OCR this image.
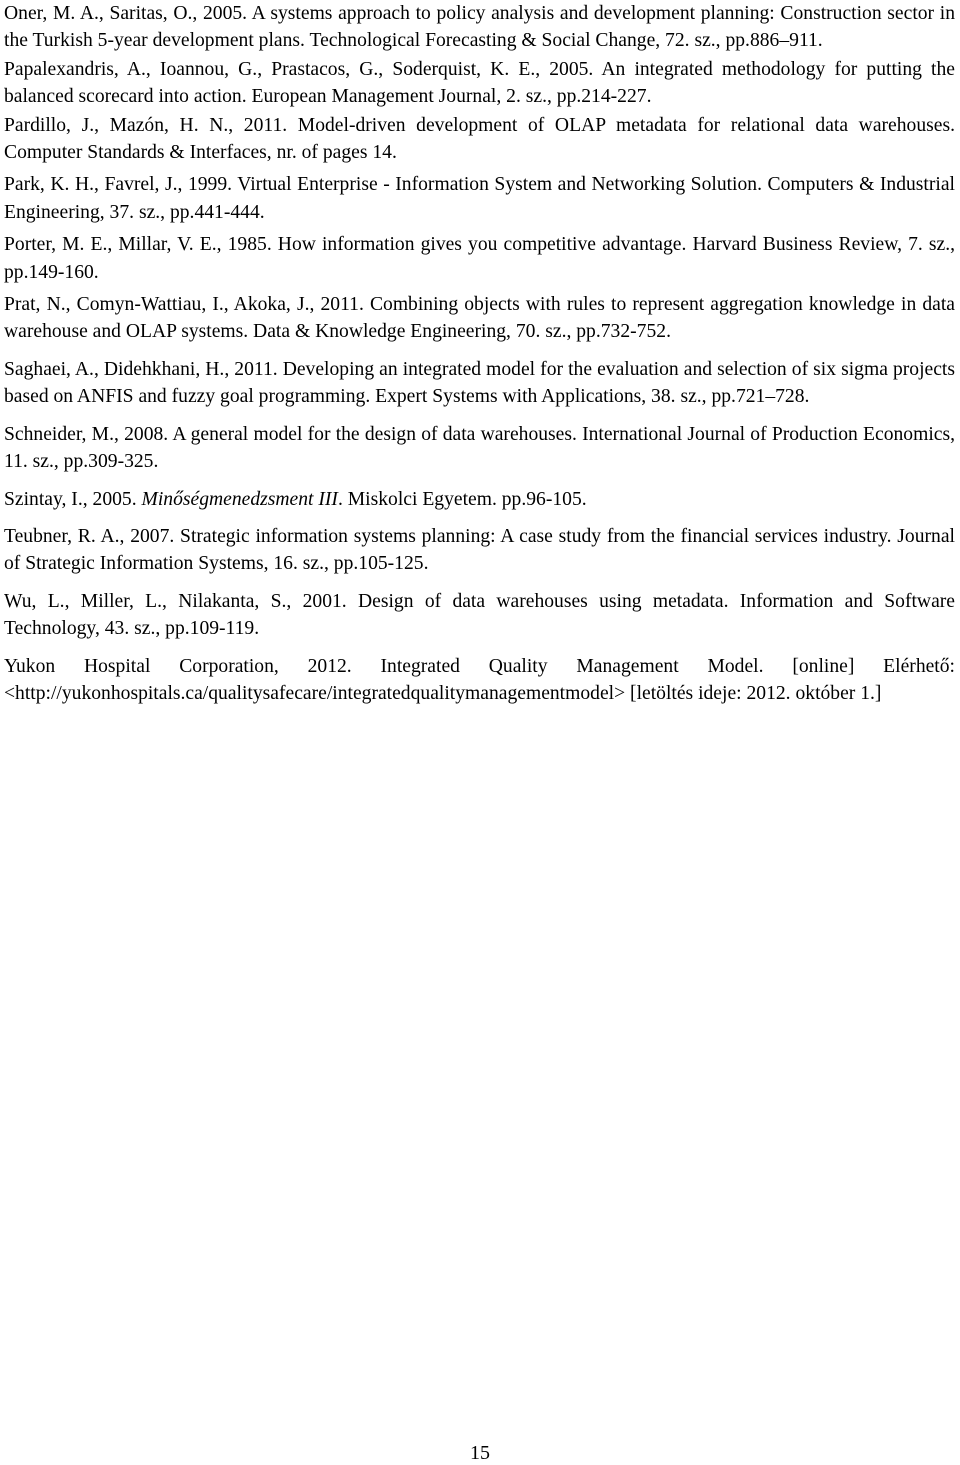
Oner, M. A., Saritas, O., 2005. A systems approach to policy analysis and development planning: Construction sector in the Turkish 5-year development plans. Technological Forecasting & Social Change, 72. sz., pp.886–911.

Papalexandris, A., Ioannou, G., Prastacos, G., Soderquist, K. E., 2005. An integrated methodology for putting the balanced scorecard into action. European Management Journal, 2. sz., pp.214-227.

Pardillo, J., Mazón, H. N., 2011. Model-driven development of OLAP metadata for relational data warehouses. Computer Standards & Interfaces, nr. of pages 14.

Park, K. H., Favrel, J., 1999. Virtual Enterprise - Information System and Networking Solution. Computers & Industrial Engineering, 37. sz., pp.441-444.

Porter, M. E., Millar, V. E., 1985. How information gives you competitive advantage. Harvard Business Review, 7. sz., pp.149-160.

Prat, N., Comyn-Wattiau, I., Akoka, J., 2011. Combining objects with rules to represent aggregation knowledge in data warehouse and OLAP systems. Data & Knowledge Engineering, 70. sz., pp.732-752.

Saghaei, A., Didehkhani, H., 2011. Developing an integrated model for the evaluation and selection of six sigma projects based on ANFIS and fuzzy goal programming. Expert Systems with Applications, 38. sz., pp.721–728.

Schneider, M., 2008. A general model for the design of data warehouses. International Journal of Production Economics, 11. sz., pp.309-325.

Szintay, I., 2005. Minőségmenedzsment III. Miskolci Egyetem. pp.96-105.

Teubner, R. A., 2007. Strategic information systems planning: A case study from the financial services industry. Journal of Strategic Information Systems, 16. sz., pp.105-125.

Wu, L., Miller, L., Nilakanta, S., 2001. Design of data warehouses using metadata. Information and Software Technology, 43. sz., pp.109-119.

Yukon Hospital Corporation, 2012. Integrated Quality Management Model. [online] Elérhető: <http://yukonhospitals.ca/qualitysafecare/integratedqualitymanagementmodel> [letöltés ideje: 2012. október 1.]

15
